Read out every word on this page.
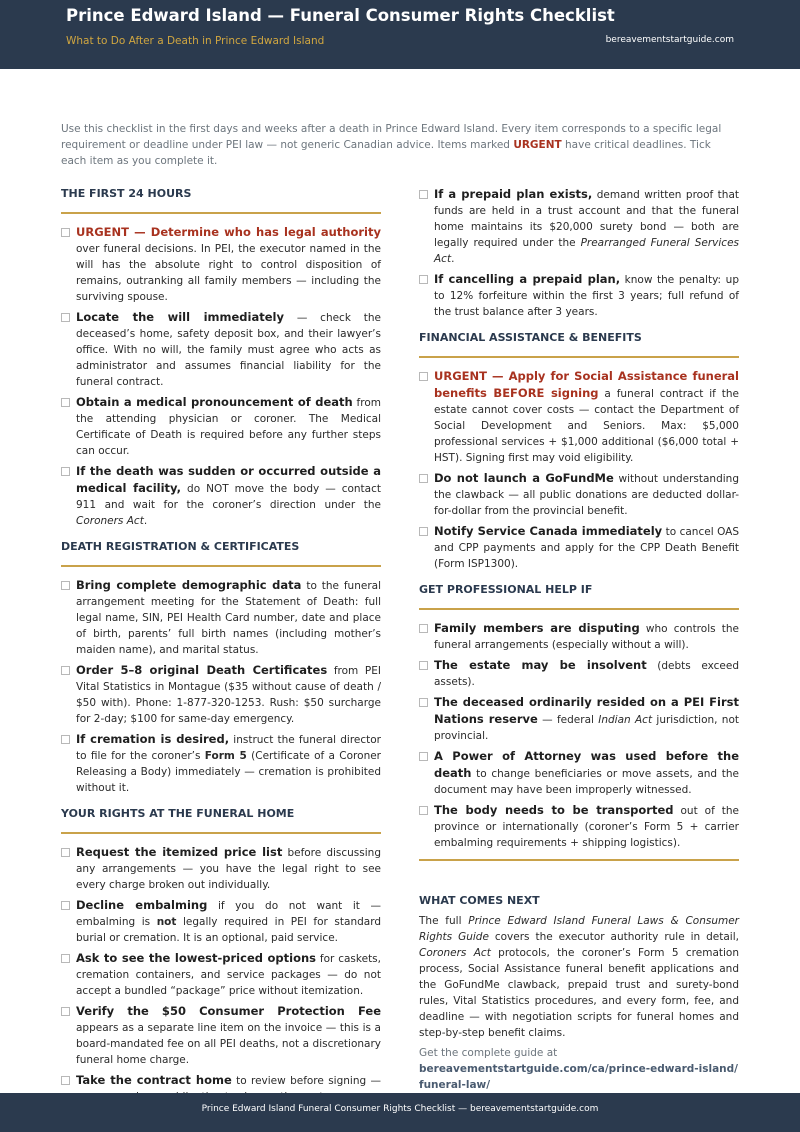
Prince Edward Island — Funeral Consumer Rights Checklist
What to Do After a Death in Prince Edward Island	bereavementstartguide.com

Use this checklist in the first days and weeks after a death in Prince Edward Island. Every item corresponds to a specific legal requirement or deadline under PEI law — not generic Canadian advice. Items marked URGENT have critical deadlines. Tick each item as you complete it.

THE FIRST 24 HOURS
URGENT — Determine who has legal authority over funeral decisions. In PEI, the executor named in the will has the absolute right to control disposition of remains, outranking all family members — including the surviving spouse.
Locate the will immediately — check the deceased’s home, safety deposit box, and their lawyer’s office. With no will, the family must agree who acts as administrator and assumes financial liability for the funeral contract.
Obtain a medical pronouncement of death from the attending physician or coroner. The Medical Certificate of Death is required before any further steps can occur.
If the death was sudden or occurred outside a medical facility, do NOT move the body — contact 911 and wait for the coroner’s direction under the Coroners Act.
DEATH REGISTRATION & CERTIFICATES
Bring complete demographic data to the funeral arrangement meeting for the Statement of Death: full legal name, SIN, PEI Health Card number, date and place of birth, parents’ full birth names (including mother’s maiden name), and marital status.
Order 5–8 original Death Certificates from PEI Vital Statistics in Montague ($35 without cause of death / $50 with). Phone: 1-877-320-1253. Rush: $50 surcharge for 2-day; $100 for same-day emergency.
If cremation is desired, instruct the funeral director to file for the coroner’s Form 5 (Certificate of a Coroner Releasing a Body) immediately — cremation is prohibited without it.
YOUR RIGHTS AT THE FUNERAL HOME
Request the itemized price list before discussing any arrangements — you have the legal right to see every charge broken out individually.
Decline embalming if you do not want it — embalming is not legally required in PEI for standard burial or cremation. It is an optional, paid service.
Ask to see the lowest-priced options for caskets, cremation containers, and service packages — do not accept a bundled “package” price without itemization.
Verify the $50 Consumer Protection Fee appears as a separate line item on the invoice — this is a board-mandated fee on all PEI deaths, not a discretionary funeral home charge.
Take the contract home to review before signing —
If a prepaid plan exists, demand written proof that funds are held in a trust account and that the funeral home maintains its $20,000 surety bond — both are legally required under the Prearranged Funeral Services Act.
If cancelling a prepaid plan, know the penalty: up to 12% forfeiture within the first 3 years; full refund of the trust balance after 3 years.
FINANCIAL ASSISTANCE & BENEFITS
URGENT — Apply for Social Assistance funeral benefits BEFORE signing a funeral contract if the estate cannot cover costs — contact the Department of Social Development and Seniors. Max: $5,000 professional services + $1,000 additional ($6,000 total + HST). Signing first may void eligibility.
Do not launch a GoFundMe without understanding the clawback — all public donations are deducted dollar-for-dollar from the provincial benefit.
Notify Service Canada immediately to cancel OAS and CPP payments and apply for the CPP Death Benefit (Form ISP1300).
GET PROFESSIONAL HELP IF
Family members are disputing who controls the funeral arrangements (especially without a will).
The estate may be insolvent (debts exceed assets).
The deceased ordinarily resided on a PEI First Nations reserve — federal Indian Act jurisdiction, not provincial.
A Power of Attorney was used before the death to change beneficiaries or move assets, and the document may have been improperly witnessed.
The body needs to be transported out of the province or internationally (coroner’s Form 5 + carrier embalming requirements + shipping logistics).
WHAT COMES NEXT

The full Prince Edward Island Funeral Laws & Consumer Rights Guide covers the executor authority rule in detail, Coroners Act protocols, the coroner’s Form 5 cremation process, Social Assistance funeral benefit applications and the GoFundMe clawback, prepaid trust and surety-bond rules, Vital Statistics procedures, and every form, fee, and deadline — with negotiation scripts for funeral homes and step-by-step benefit claims.

Get the complete guide at
bereavementstartguide.com/ca/prince-edward-island/funeral-law/
Prince Edward Island Funeral Consumer Rights Checklist — bereavementstartguide.com
